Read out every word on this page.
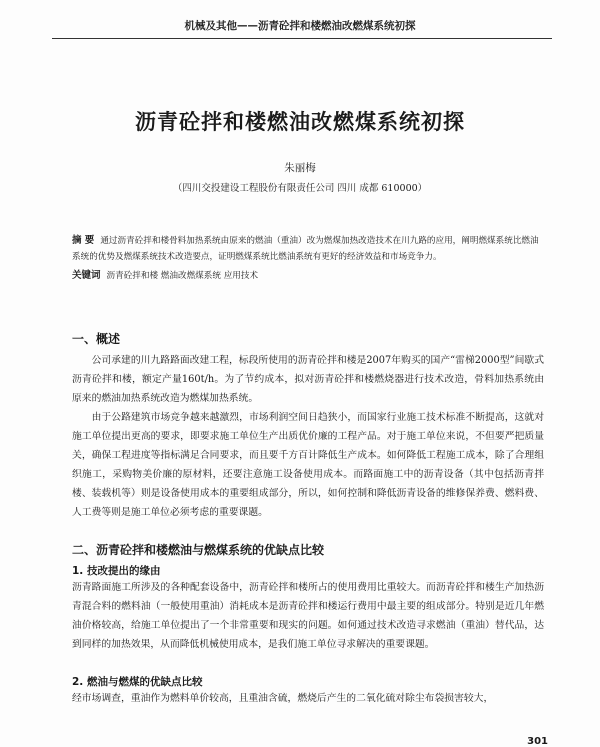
机械及其他——沥青砼拌和楼燃油改燃煤系统初探
沥青砼拌和楼燃油改燃煤系统初探
朱丽梅
（四川交投建设工程股份有限责任公司 四川 成都 610000）
摘 要 通过沥青砼拌和楼骨料加热系统由原来的燃油（重油）改为燃煤加热改造技术在川九路的应用，阐明燃煤系统比燃油系统的优势及燃煤系统技术改造要点，证明燃煤系统比燃油系统有更好的经济效益和市场竞争力。
关键词 沥青砼拌和楼 燃油改燃煤系统 应用技术
一、概述

公司承建的川九路路面改建工程，标段所使用的沥青砼拌和楼是2007年购买的国产“雷梯2000型”间歇式沥青砼拌和楼，额定产量160t/h。为了节约成本，拟对沥青砼拌和楼燃烧器进行技术改造，骨料加热系统由原来的燃油加热系统改造为燃煤加热系统。

由于公路建筑市场竞争越来越激烈，市场利润空间日趋狭小，而国家行业施工技术标准不断提高，这就对施工单位提出更高的要求，即要求施工单位生产出质优价廉的工程产品。对于施工单位来说，不但要严把质量关，确保工程进度等指标满足合同要求，而且要千方百计降低生产成本。如何降低工程施工成本，除了合理组织施工，采购物美价廉的原材料，还要注意施工设备使用成本。而路面施工中的沥青设备（其中包括沥青拌楼、装载机等）则是设备使用成本的重要组成部分，所以，如何控制和降低沥青设备的维修保养费、燃料费、人工费等则是施工单位必须考虑的重要课题。

二、沥青砼拌和楼燃油与燃煤系统的优缺点比较
1. 技改提出的缘由

沥青路面施工所涉及的各种配套设备中，沥青砼拌和楼所占的使用费用比重较大。而沥青砼拌和楼生产加热沥青混合料的燃料油（一般使用重油）消耗成本是沥青砼拌和楼运行费用中最主要的组成部分。特别是近几年燃油价格较高，给施工单位提出了一个非常重要和现实的问题。如何通过技术改造寻求燃油（重油）替代品，达到同样的加热效果，从而降低机械使用成本，是我们施工单位寻求解决的重要课题。

2. 燃油与燃煤的优缺点比较

经市场调查，重油作为燃料单价较高，且重油含硫，燃烧后产生的二氧化硫对除尘布袋损害较大，

301
